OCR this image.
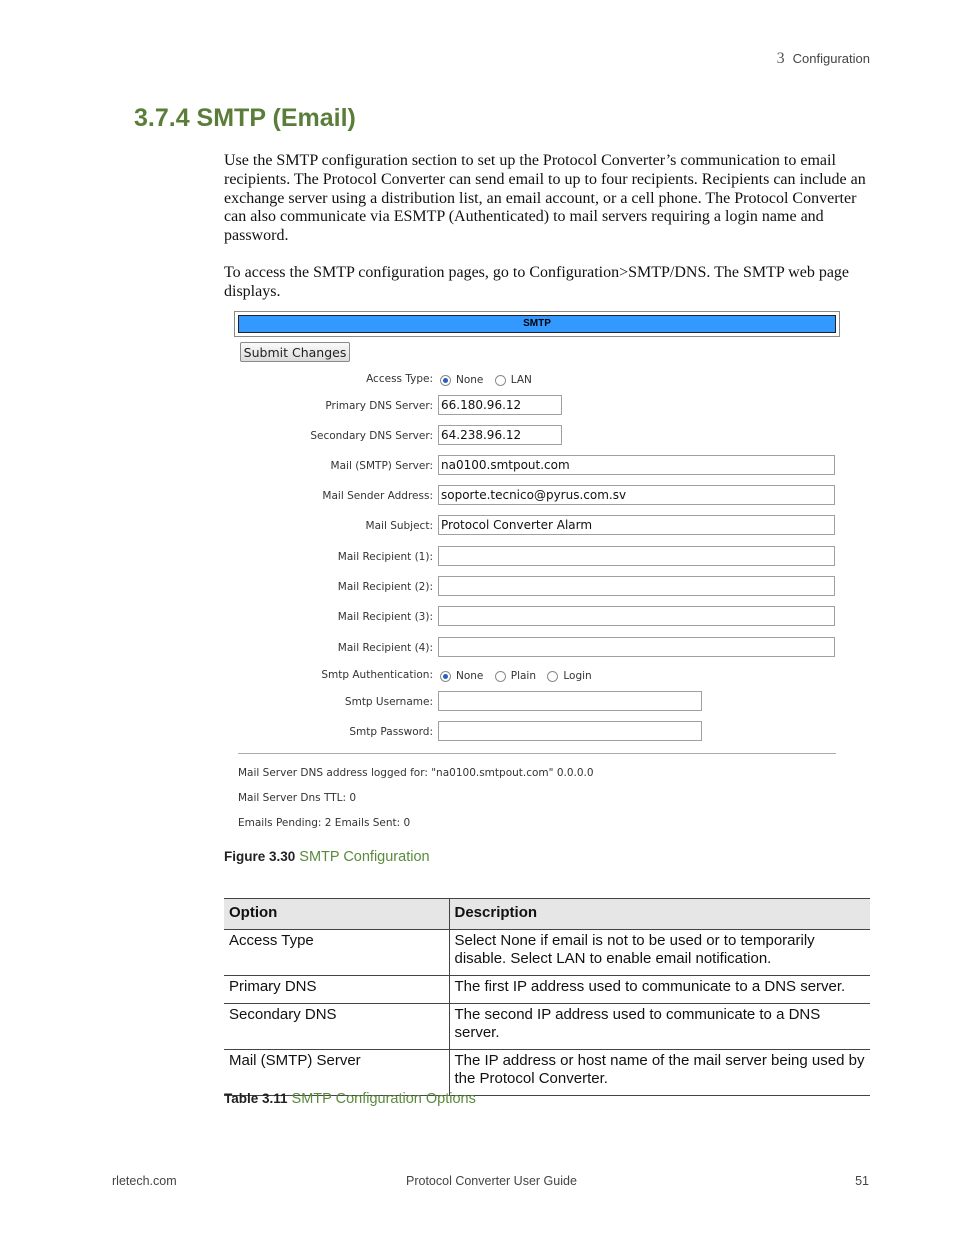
3 Configuration
3.7.4 SMTP (Email)

Use the SMTP configuration section to set up the Protocol Converter’s communication to email recipients. The Protocol Converter can send email to up to four recipients. Recipients can include an exchange server using a distribution list, an email account, or a cell phone. The Protocol Converter can also communicate via ESMTP (Authenticated) to mail servers requiring a login name and password.

To access the SMTP configuration pages, go to Configuration>SMTP/DNS. The SMTP web page displays.

SMTP
Submit Changes
Access Type:	None	LAN
Primary DNS Server: 66.180.96.12
Secondary DNS Server: 64.238.96.12
Mail (SMTP) Server: na0100.smtpout.com
Mail Sender Address: soporte.tecnico@pyrus.com.sv
Mail Subject: Protocol Converter Alarm
Mail Recipient (1):
Mail Recipient (2):
Mail Recipient (3):
Mail Recipient (4):
Smtp Authentication:	None	Plain	Login
Smtp Username:
Smtp Password:
Mail Server DNS address logged for: "na0100.smtpout.com" 0.0.0.0
Mail Server Dns TTL: 0
Emails Pending: 2 Emails Sent: 0
Figure 3.30 SMTP Configuration
Option	Description
Access Type	Select None if email is not to be used or to temporarily disable. Select LAN to enable email notification.
Primary DNS	The first IP address used to communicate to a DNS server.
Secondary DNS	The second IP address used to communicate to a DNS server.
Mail (SMTP) Server	The IP address or host name of the mail server being used by the Protocol Converter.
Table 3.11 SMTP Configuration Options
rletech.com	Protocol Converter User Guide	51
